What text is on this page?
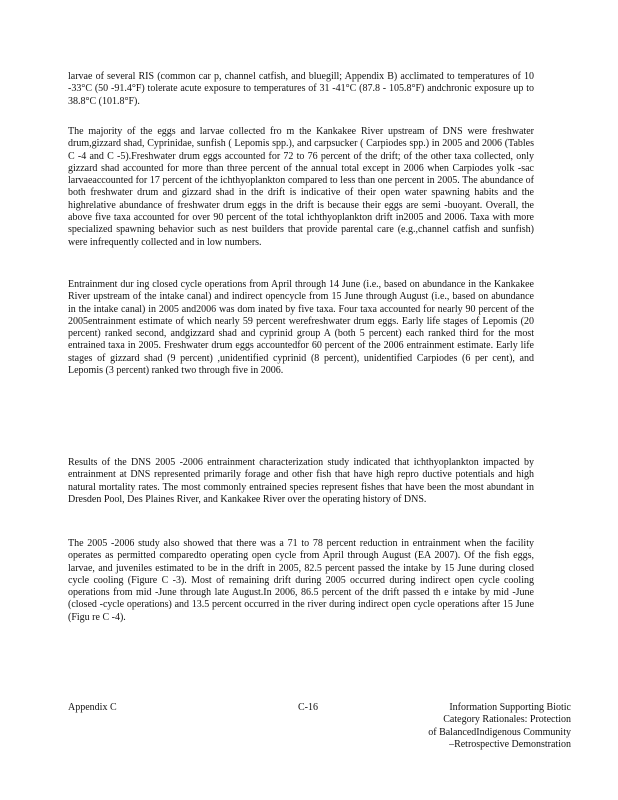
larvae of several RIS (common car p, channel catfish, and bluegill; Appendix B) acclimated to temperatures of 10 -33°C (50 -91.4°F) tolerate acute exposure to temperatures of 31 -41°C (87.8 - 105.8°F) andchronic exposure up to 38.8°C (101.8°F).
The majority of the eggs and larvae collected fro m the Kankakee River upstream of DNS were freshwater drum,gizzard shad, Cyprinidae, sunfish ( Lepomis spp.), and carpsucker ( Carpiodes spp.) in 2005 and 2006 (Tables C -4 and C -5).Freshwater drum eggs accounted for 72 to 76 percent of the drift; of the other taxa collected, only gizzard shad accounted for more than three percent of the annual total except in 2006 when Carpiodes yolk -sac larvaeaccounted for 17 percent of the ichthyoplankton compared to less than one percent in 2005. The abundance of both freshwater drum and gizzard shad in the drift is indicative of their open water spawning habits and the highrelative abundance of freshwater drum eggs in the drift is because their eggs are semi -buoyant. Overall, the above five taxa accounted for over 90 percent of the total ichthyoplankton drift in2005 and 2006. Taxa with more specialized spawning behavior such as nest builders that provide parental care (e.g.,channel catfish and sunfish) were infrequently collected and in low numbers.
Entrainment dur ing closed cycle operations from April through 14 June (i.e., based on abundance in the Kankakee River upstream of the intake canal) and indirect opencycle from 15 June through August (i.e., based on abundance in the intake canal) in 2005 and2006 was dom inated by five taxa. Four taxa accounted for nearly 90 percent of the 2005entrainment estimate of which nearly 59 percent werefreshwater drum eggs. Early life stages of Lepomis (20 percent) ranked second, andgizzard shad and cyprinid group A (both 5 percent) each ranked third for the most entrained taxa in 2005. Freshwater drum eggs accountedfor 60 percent of the 2006 entrainment estimate. Early life stages of gizzard shad (9 percent) ,unidentified cyprinid (8 percent), unidentified Carpiodes (6 per cent), and Lepomis (3 percent) ranked two through five in 2006.
Results of the DNS 2005 -2006 entrainment characterization study indicated that ichthyoplankton impacted by entrainment at DNS represented primarily forage and other fish that have high repro ductive potentials and high natural mortality rates. The most commonly entrained species represent fishes that have been the most abundant in Dresden Pool, Des Plaines River, and Kankakee River over the operating history of DNS.
The 2005 -2006 study also showed that there was a 71 to 78 percent reduction in entrainment when the facility operates as permitted comparedto operating open cycle from April through August (EA 2007). Of the fish eggs, larvae, and juveniles estimated to be in the drift in 2005, 82.5 percent passed the intake by 15 June during closed cycle cooling (Figure C -3). Most of remaining drift during 2005 occurred during indirect open cycle cooling operations from mid -June through late August.In 2006, 86.5 percent of the drift passed th e intake by mid -June (closed -cycle operations) and 13.5 percent occurred in the river during indirect open cycle operations after 15 June (Figu re C -4).
Appendix C	C-16	Information Supporting Biotic
Category Rationales: Protection
of BalancedIndigenous Community
–Retrospective Demonstration
